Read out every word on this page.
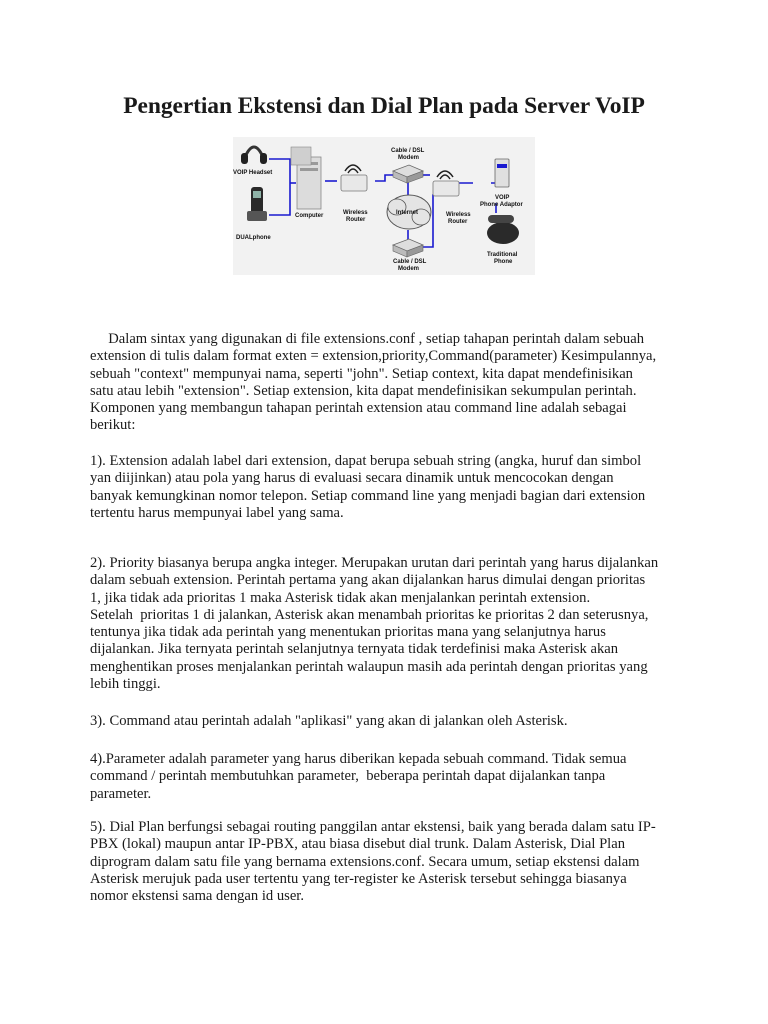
Pengertian Ekstensi dan Dial Plan pada Server VoIP
VOIP Headset
DUALphone
Computer	Wireless
Router
Cable / DSL
Modem
Internet
Cable / DSL
Modem
Wireless
Router
VOIP
Phone Adaptor
Traditional
Phone

Dalam sintax yang digunakan di file extensions.conf , setiap tahapan perintah dalam sebuah
extension di tulis dalam format exten = extension,priority,Command(parameter) Kesimpulannya,
sebuah "context" mempunyai nama, seperti "john". Setiap context, kita dapat mendefinisikan
satu atau lebih "extension". Setiap extension, kita dapat mendefinisikan sekumpulan perintah.
Komponen yang membangun tahapan perintah extension atau command line adalah sebagai
berikut:

1). Extension adalah label dari extension, dapat berupa sebuah string (angka, huruf dan simbol
yan diijinkan) atau pola yang harus di evaluasi secara dinamik untuk mencocokan dengan
banyak kemungkinan nomor telepon. Setiap command line yang menjadi bagian dari extension
tertentu harus mempunyai label yang sama.

2). Priority biasanya berupa angka integer. Merupakan urutan dari perintah yang harus dijalankan
dalam sebuah extension. Perintah pertama yang akan dijalankan harus dimulai dengan prioritas
1, jika tidak ada prioritas 1 maka Asterisk tidak akan menjalankan perintah extension.
Setelah  prioritas 1 di jalankan, Asterisk akan menambah prioritas ke prioritas 2 dan seterusnya,
tentunya jika tidak ada perintah yang menentukan prioritas mana yang selanjutnya harus
dijalankan. Jika ternyata perintah selanjutnya ternyata tidak terdefinisi maka Asterisk akan
menghentikan proses menjalankan perintah walaupun masih ada perintah dengan prioritas yang
lebih tinggi.

3). Command atau perintah adalah "aplikasi" yang akan di jalankan oleh Asterisk.

4).Parameter adalah parameter yang harus diberikan kepada sebuah command. Tidak semua
command / perintah membutuhkan parameter,  beberapa perintah dapat dijalankan tanpa
parameter.

5). Dial Plan berfungsi sebagai routing panggilan antar ekstensi, baik yang berada dalam satu IP-
PBX (lokal) maupun antar IP-PBX, atau biasa disebut dial trunk. Dalam Asterisk, Dial Plan
diprogram dalam satu file yang bernama extensions.conf. Secara umum, setiap ekstensi dalam
Asterisk merujuk pada user tertentu yang ter-register ke Asterisk tersebut sehingga biasanya
nomor ekstensi sama dengan id user.
